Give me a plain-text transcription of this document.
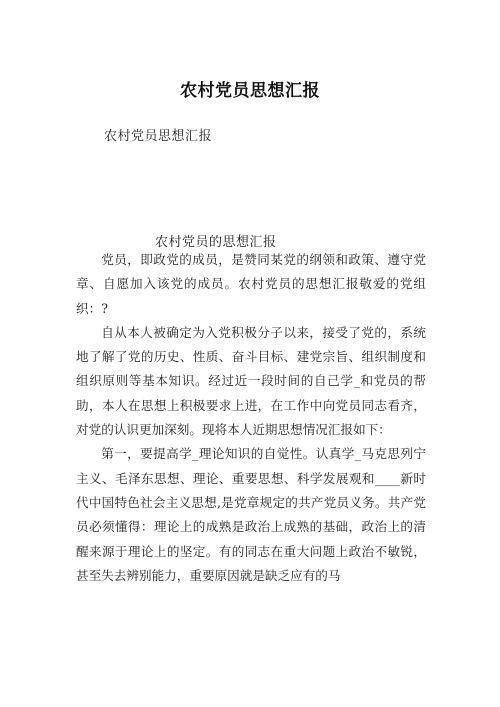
农村党员思想汇报
农村党员思想汇报
农村党员的思想汇报

党员，即政党的成员，是赞同某党的纲领和政策、遵守党章、自愿加入该党的成员。农村党员的思想汇报敬爱的党组织：?

自从本人被确定为入党积极分子以来，接受了党的，系统地了解了党的历史、性质、奋斗目标、建党宗旨、组织制度和组织原则等基本知识。经过近一段时间的自己学_和党员的帮助，本人在思想上积极要求上进，在工作中向党员同志看齐，对党的认识更加深刻。现将本人近期思想情况汇报如下：

第一，要提高学_理论知识的自觉性。认真学_马克思列宁主义、毛泽东思想、理论、重要思想、科学发展观和____新时代中国特色社会主义思想,是党章规定的共产党员义务。共产党员必须懂得：理论上的成熟是政治上成熟的基础，政治上的清醒来源于理论上的坚定。有的同志在重大问题上政治不敏锐，甚至失去辨别能力，重要原因就是缺乏应有的马
